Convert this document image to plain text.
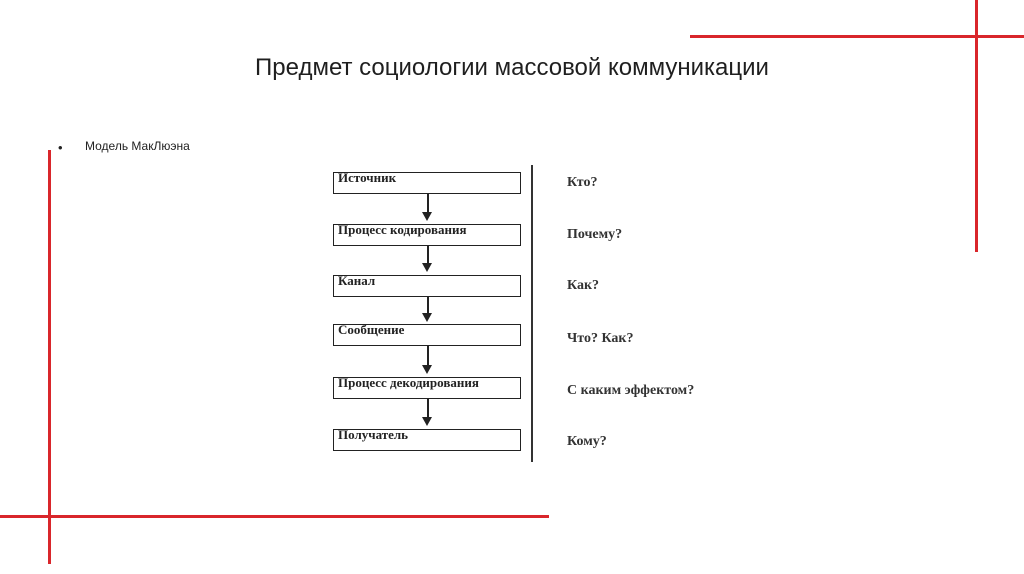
Предмет социологии массовой коммуникации
• Модель МакЛюэна
Источник
Процесс кодирования
Канал
Сообщение
Процесс декодирования
Получатель
Кто?
Почему?
Как?
Что? Как?
С каким эффектом?
Кому?
